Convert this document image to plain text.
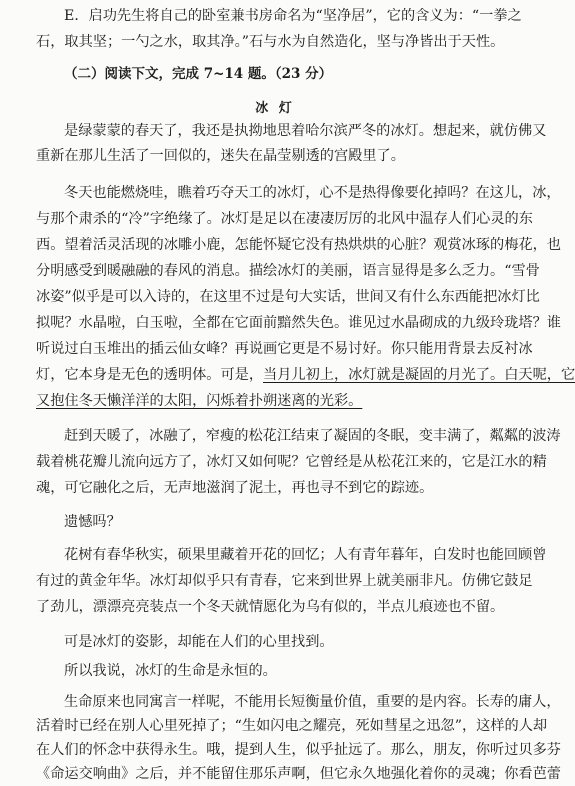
E．启功先生将自己的卧室兼书房命名为“坚净居”，它的含义为：“一拳之
石，取其坚；一勺之水，取其净。”石与水为自然造化，坚与净皆出于天性。
（二）阅读下文，完成 7~14 题。（23 分）
冰 灯
是绿蒙蒙的春天了，我还是执拗地思着哈尔滨严冬的冰灯。想起来，就仿佛又
重新在那儿生活了一回似的，迷失在晶莹剔透的宫殿里了。
冬天也能燃烧哇，瞧着巧夺天工的冰灯，心不是热得像要化掉吗？在这儿，冰，
与那个肃杀的“冷”字绝缘了。冰灯是足以在凄凄厉厉的北风中温存人们心灵的东
西。望着活灵活现的冰雕小鹿，怎能怀疑它没有热烘烘的心脏？观赏冰琢的梅花，也
分明感受到暖融融的春风的消息。描绘冰灯的美丽，语言显得是多么乏力。“雪骨
冰姿”似乎是可以入诗的，在这里不过是句大实话，世间又有什么东西能把冰灯比
拟呢？水晶啦，白玉啦，全都在它面前黯然失色。谁见过水晶砌成的九级玲珑塔？谁
听说过白玉堆出的插云仙女峰？再说画它更是不易讨好。你只能用背景去反衬冰
灯，它本身是无色的透明体。可是，当月儿初上，冰灯就是凝固的月光了。白天呢，它
又抱住冬天懒洋洋的太阳，闪烁着扑朔迷离的光彩。
赶到天暖了，冰融了，窄瘦的松花江结束了凝固的冬眠，变丰满了，粼粼的波涛
载着桃花瓣儿流向远方了，冰灯又如何呢？它曾经是从松花江来的，它是江水的精
魂，可它融化之后，无声地滋润了泥土，再也寻不到它的踪迹。
遗憾吗？
花树有春华秋实，硕果里藏着开花的回忆；人有青年暮年，白发时也能回顾曾
有过的黄金年华。冰灯却似乎只有青春，它来到世界上就美丽非凡。仿佛它鼓足
了劲儿，漂漂亮亮装点一个冬天就情愿化为乌有似的，半点儿痕迹也不留。
可是冰灯的姿影，却能在人们的心里找到。
所以我说，冰灯的生命是永恒的。
生命原来也同寓言一样呢，不能用长短衡量价值，重要的是内容。长寿的庸人，
活着时已经在别人心里死掉了；“生如闪电之耀亮，死如彗星之迅忽”，这样的人却
在人们的怀念中获得永生。哦，提到人生，似乎扯远了。那么，朋友，你听过贝多芬
《命运交响曲》之后，并不能留住那乐声啊，但它永久地强化着你的灵魂；你看芭蕾
